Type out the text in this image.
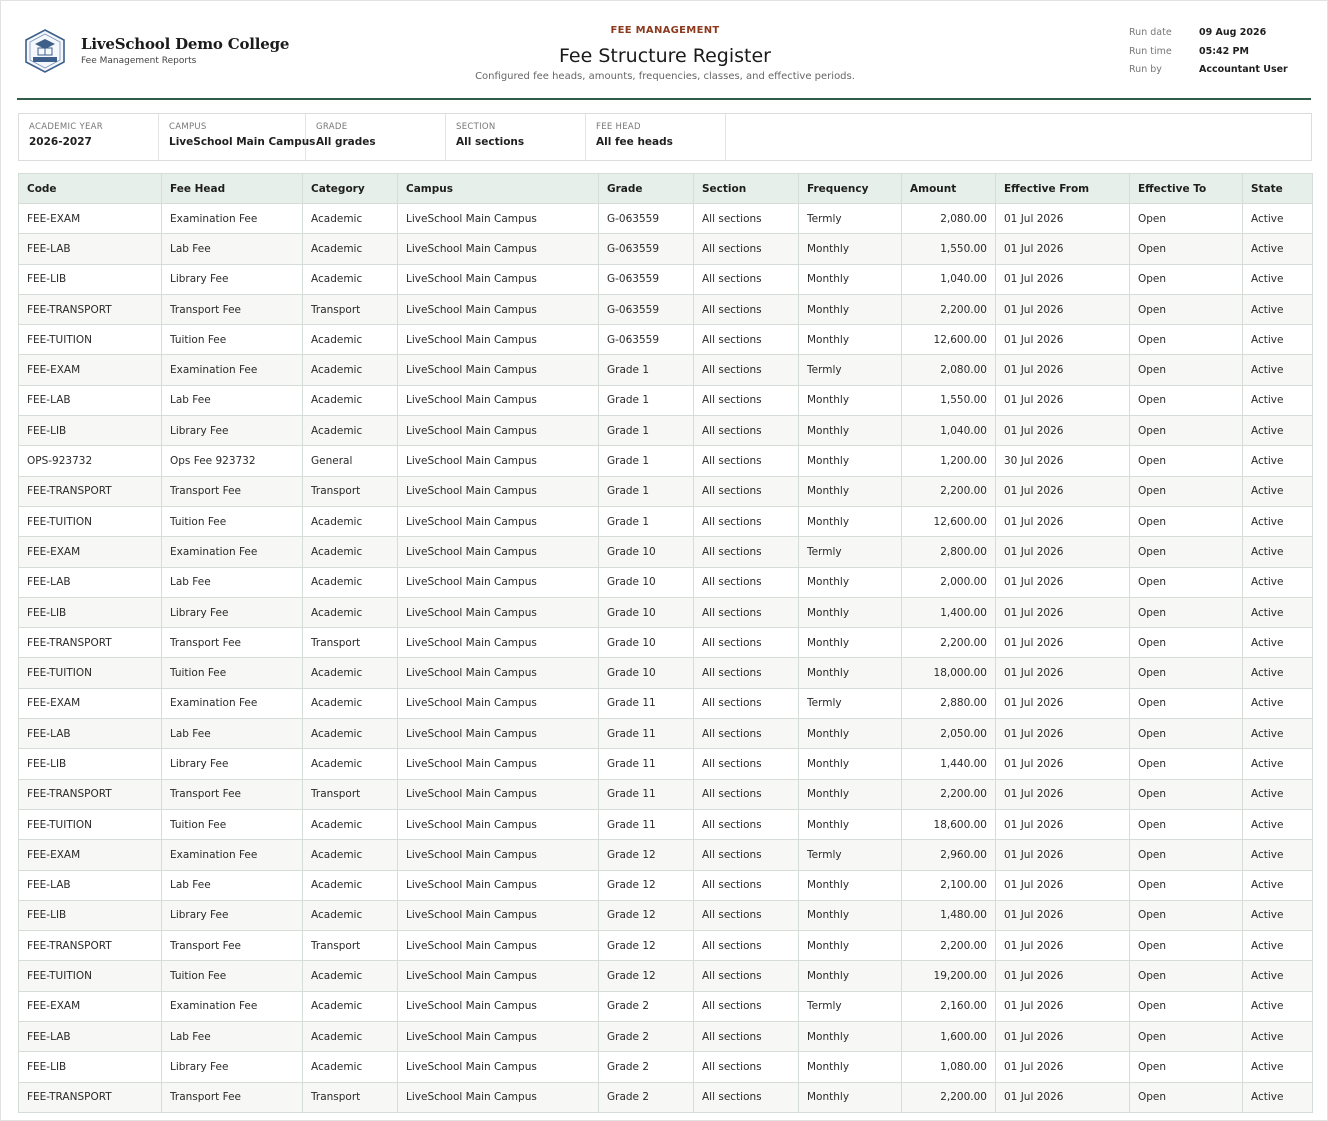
LiveSchool Demo College
Fee Management Reports
FEE MANAGEMENT
Fee Structure Register
Configured fee heads, amounts, frequencies, classes, and effective periods.
Run date	09 Aug 2026
Run time	05:42 PM
Run by	Accountant User
ACADEMIC YEAR
2026-2027
CAMPUS
LiveSchool Main Campus
GRADE
All grades
SECTION
All sections
FEE HEAD
All fee heads
Code	Fee Head	Category	Campus	Grade	Section	Frequency	Amount	Effective From	Effective To	State
FEE-EXAM	Examination Fee	Academic	LiveSchool Main Campus	G-063559	All sections	Termly	2,080.00	01 Jul 2026	Open	Active
FEE-LAB	Lab Fee	Academic	LiveSchool Main Campus	G-063559	All sections	Monthly	1,550.00	01 Jul 2026	Open	Active
FEE-LIB	Library Fee	Academic	LiveSchool Main Campus	G-063559	All sections	Monthly	1,040.00	01 Jul 2026	Open	Active
FEE-TRANSPORT	Transport Fee	Transport	LiveSchool Main Campus	G-063559	All sections	Monthly	2,200.00	01 Jul 2026	Open	Active
FEE-TUITION	Tuition Fee	Academic	LiveSchool Main Campus	G-063559	All sections	Monthly	12,600.00	01 Jul 2026	Open	Active
FEE-EXAM	Examination Fee	Academic	LiveSchool Main Campus	Grade 1	All sections	Termly	2,080.00	01 Jul 2026	Open	Active
FEE-LAB	Lab Fee	Academic	LiveSchool Main Campus	Grade 1	All sections	Monthly	1,550.00	01 Jul 2026	Open	Active
FEE-LIB	Library Fee	Academic	LiveSchool Main Campus	Grade 1	All sections	Monthly	1,040.00	01 Jul 2026	Open	Active
OPS-923732	Ops Fee 923732	General	LiveSchool Main Campus	Grade 1	All sections	Monthly	1,200.00	30 Jul 2026	Open	Active
FEE-TRANSPORT	Transport Fee	Transport	LiveSchool Main Campus	Grade 1	All sections	Monthly	2,200.00	01 Jul 2026	Open	Active
FEE-TUITION	Tuition Fee	Academic	LiveSchool Main Campus	Grade 1	All sections	Monthly	12,600.00	01 Jul 2026	Open	Active
FEE-EXAM	Examination Fee	Academic	LiveSchool Main Campus	Grade 10	All sections	Termly	2,800.00	01 Jul 2026	Open	Active
FEE-LAB	Lab Fee	Academic	LiveSchool Main Campus	Grade 10	All sections	Monthly	2,000.00	01 Jul 2026	Open	Active
FEE-LIB	Library Fee	Academic	LiveSchool Main Campus	Grade 10	All sections	Monthly	1,400.00	01 Jul 2026	Open	Active
FEE-TRANSPORT	Transport Fee	Transport	LiveSchool Main Campus	Grade 10	All sections	Monthly	2,200.00	01 Jul 2026	Open	Active
FEE-TUITION	Tuition Fee	Academic	LiveSchool Main Campus	Grade 10	All sections	Monthly	18,000.00	01 Jul 2026	Open	Active
FEE-EXAM	Examination Fee	Academic	LiveSchool Main Campus	Grade 11	All sections	Termly	2,880.00	01 Jul 2026	Open	Active
FEE-LAB	Lab Fee	Academic	LiveSchool Main Campus	Grade 11	All sections	Monthly	2,050.00	01 Jul 2026	Open	Active
FEE-LIB	Library Fee	Academic	LiveSchool Main Campus	Grade 11	All sections	Monthly	1,440.00	01 Jul 2026	Open	Active
FEE-TRANSPORT	Transport Fee	Transport	LiveSchool Main Campus	Grade 11	All sections	Monthly	2,200.00	01 Jul 2026	Open	Active
FEE-TUITION	Tuition Fee	Academic	LiveSchool Main Campus	Grade 11	All sections	Monthly	18,600.00	01 Jul 2026	Open	Active
FEE-EXAM	Examination Fee	Academic	LiveSchool Main Campus	Grade 12	All sections	Termly	2,960.00	01 Jul 2026	Open	Active
FEE-LAB	Lab Fee	Academic	LiveSchool Main Campus	Grade 12	All sections	Monthly	2,100.00	01 Jul 2026	Open	Active
FEE-LIB	Library Fee	Academic	LiveSchool Main Campus	Grade 12	All sections	Monthly	1,480.00	01 Jul 2026	Open	Active
FEE-TRANSPORT	Transport Fee	Transport	LiveSchool Main Campus	Grade 12	All sections	Monthly	2,200.00	01 Jul 2026	Open	Active
FEE-TUITION	Tuition Fee	Academic	LiveSchool Main Campus	Grade 12	All sections	Monthly	19,200.00	01 Jul 2026	Open	Active
FEE-EXAM	Examination Fee	Academic	LiveSchool Main Campus	Grade 2	All sections	Termly	2,160.00	01 Jul 2026	Open	Active
FEE-LAB	Lab Fee	Academic	LiveSchool Main Campus	Grade 2	All sections	Monthly	1,600.00	01 Jul 2026	Open	Active
FEE-LIB	Library Fee	Academic	LiveSchool Main Campus	Grade 2	All sections	Monthly	1,080.00	01 Jul 2026	Open	Active
FEE-TRANSPORT	Transport Fee	Transport	LiveSchool Main Campus	Grade 2	All sections	Monthly	2,200.00	01 Jul 2026	Open	Active
